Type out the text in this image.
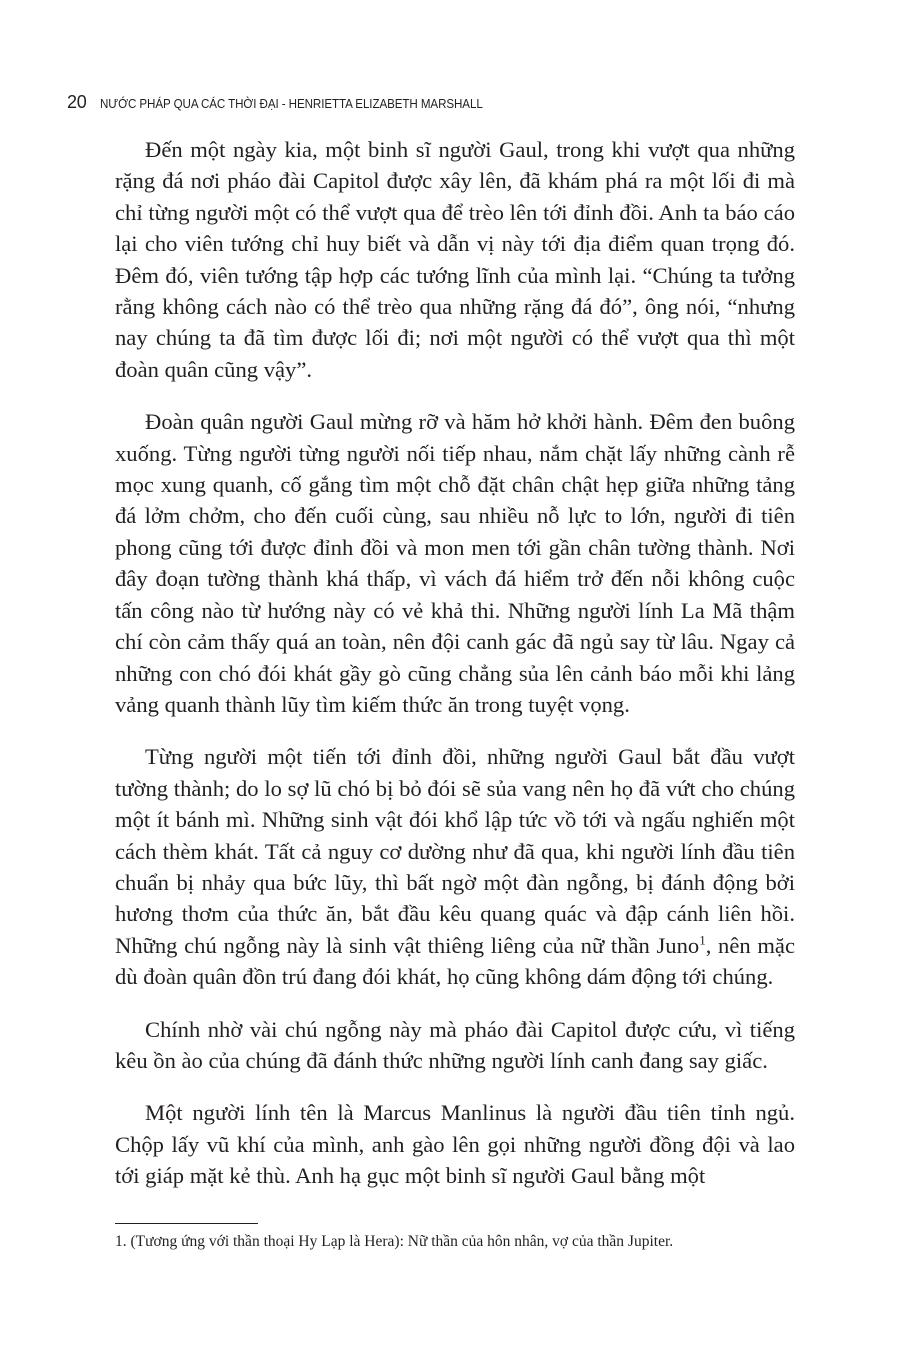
20 NƯỚC PHÁP QUA CÁC THỜI ĐẠI - HENRIETTA ELIZABETH MARSHALL

Đến một ngày kia, một binh sĩ người Gaul, trong khi vượt qua những rặng đá nơi pháo đài Capitol được xây lên, đã khám phá ra một lối đi mà chỉ từng người một có thể vượt qua để trèo lên tới đỉnh đồi. Anh ta báo cáo lại cho viên tướng chỉ huy biết và dẫn vị này tới địa điểm quan trọng đó. Đêm đó, viên tướng tập hợp các tướng lĩnh của mình lại. “Chúng ta tưởng rằng không cách nào có thể trèo qua những rặng đá đó”, ông nói, “nhưng nay chúng ta đã tìm được lối đi; nơi một người có thể vượt qua thì một đoàn quân cũng vậy”.

Đoàn quân người Gaul mừng rỡ và hăm hở khởi hành. Đêm đen buông xuống. Từng người từng người nối tiếp nhau, nắm chặt lấy những cành rễ mọc xung quanh, cố gắng tìm một chỗ đặt chân chật hẹp giữa những tảng đá lởm chởm, cho đến cuối cùng, sau nhiều nỗ lực to lớn, người đi tiên phong cũng tới được đỉnh đồi và mon men tới gần chân tường thành. Nơi đây đoạn tường thành khá thấp, vì vách đá hiểm trở đến nỗi không cuộc tấn công nào từ hướng này có vẻ khả thi. Những người lính La Mã thậm chí còn cảm thấy quá an toàn, nên đội canh gác đã ngủ say từ lâu. Ngay cả những con chó đói khát gầy gò cũng chẳng sủa lên cảnh báo mỗi khi lảng vảng quanh thành lũy tìm kiếm thức ăn trong tuyệt vọng.

Từng người một tiến tới đỉnh đồi, những người Gaul bắt đầu vượt tường thành; do lo sợ lũ chó bị bỏ đói sẽ sủa vang nên họ đã vứt cho chúng một ít bánh mì. Những sinh vật đói khổ lập tức vồ tới và ngấu nghiến một cách thèm khát. Tất cả nguy cơ dường như đã qua, khi người lính đầu tiên chuẩn bị nhảy qua bức lũy, thì bất ngờ một đàn ngỗng, bị đánh động bởi hương thơm của thức ăn, bắt đầu kêu quang quác và đập cánh liên hồi. Những chú ngỗng này là sinh vật thiêng liêng của nữ thần Juno$^1$, nên mặc dù đoàn quân đồn trú đang đói khát, họ cũng không dám động tới chúng.

Chính nhờ vài chú ngỗng này mà pháo đài Capitol được cứu, vì tiếng kêu ồn ào của chúng đã đánh thức những người lính canh đang say giấc.

Một người lính tên là Marcus Manlinus là người đầu tiên tỉnh ngủ. Chộp lấy vũ khí của mình, anh gào lên gọi những người đồng đội và lao tới giáp mặt kẻ thù. Anh hạ gục một binh sĩ người Gaul bằng một

1. (Tương ứng với thần thoại Hy Lạp là Hera): Nữ thần của hôn nhân, vợ của thần Jupiter.
